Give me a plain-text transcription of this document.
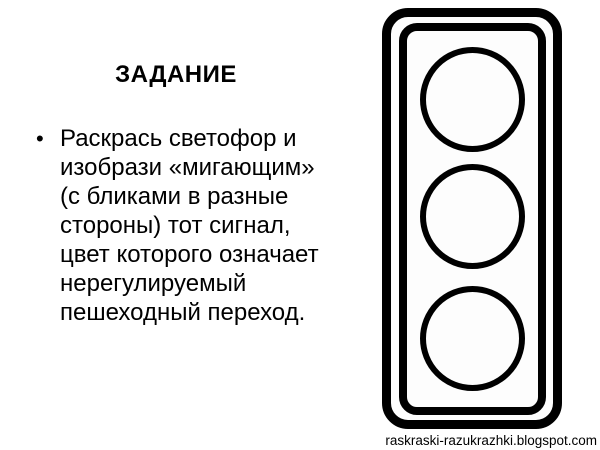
ЗАДАНИЕ
• Раскрась светофор и
изобрази «мигающим»
(с бликами в разные
стороны) тот сигнал,
цвет которого означает
нерегулируемый
пешеходный переход.
raskraski-razukrazhki.blogspot.com
